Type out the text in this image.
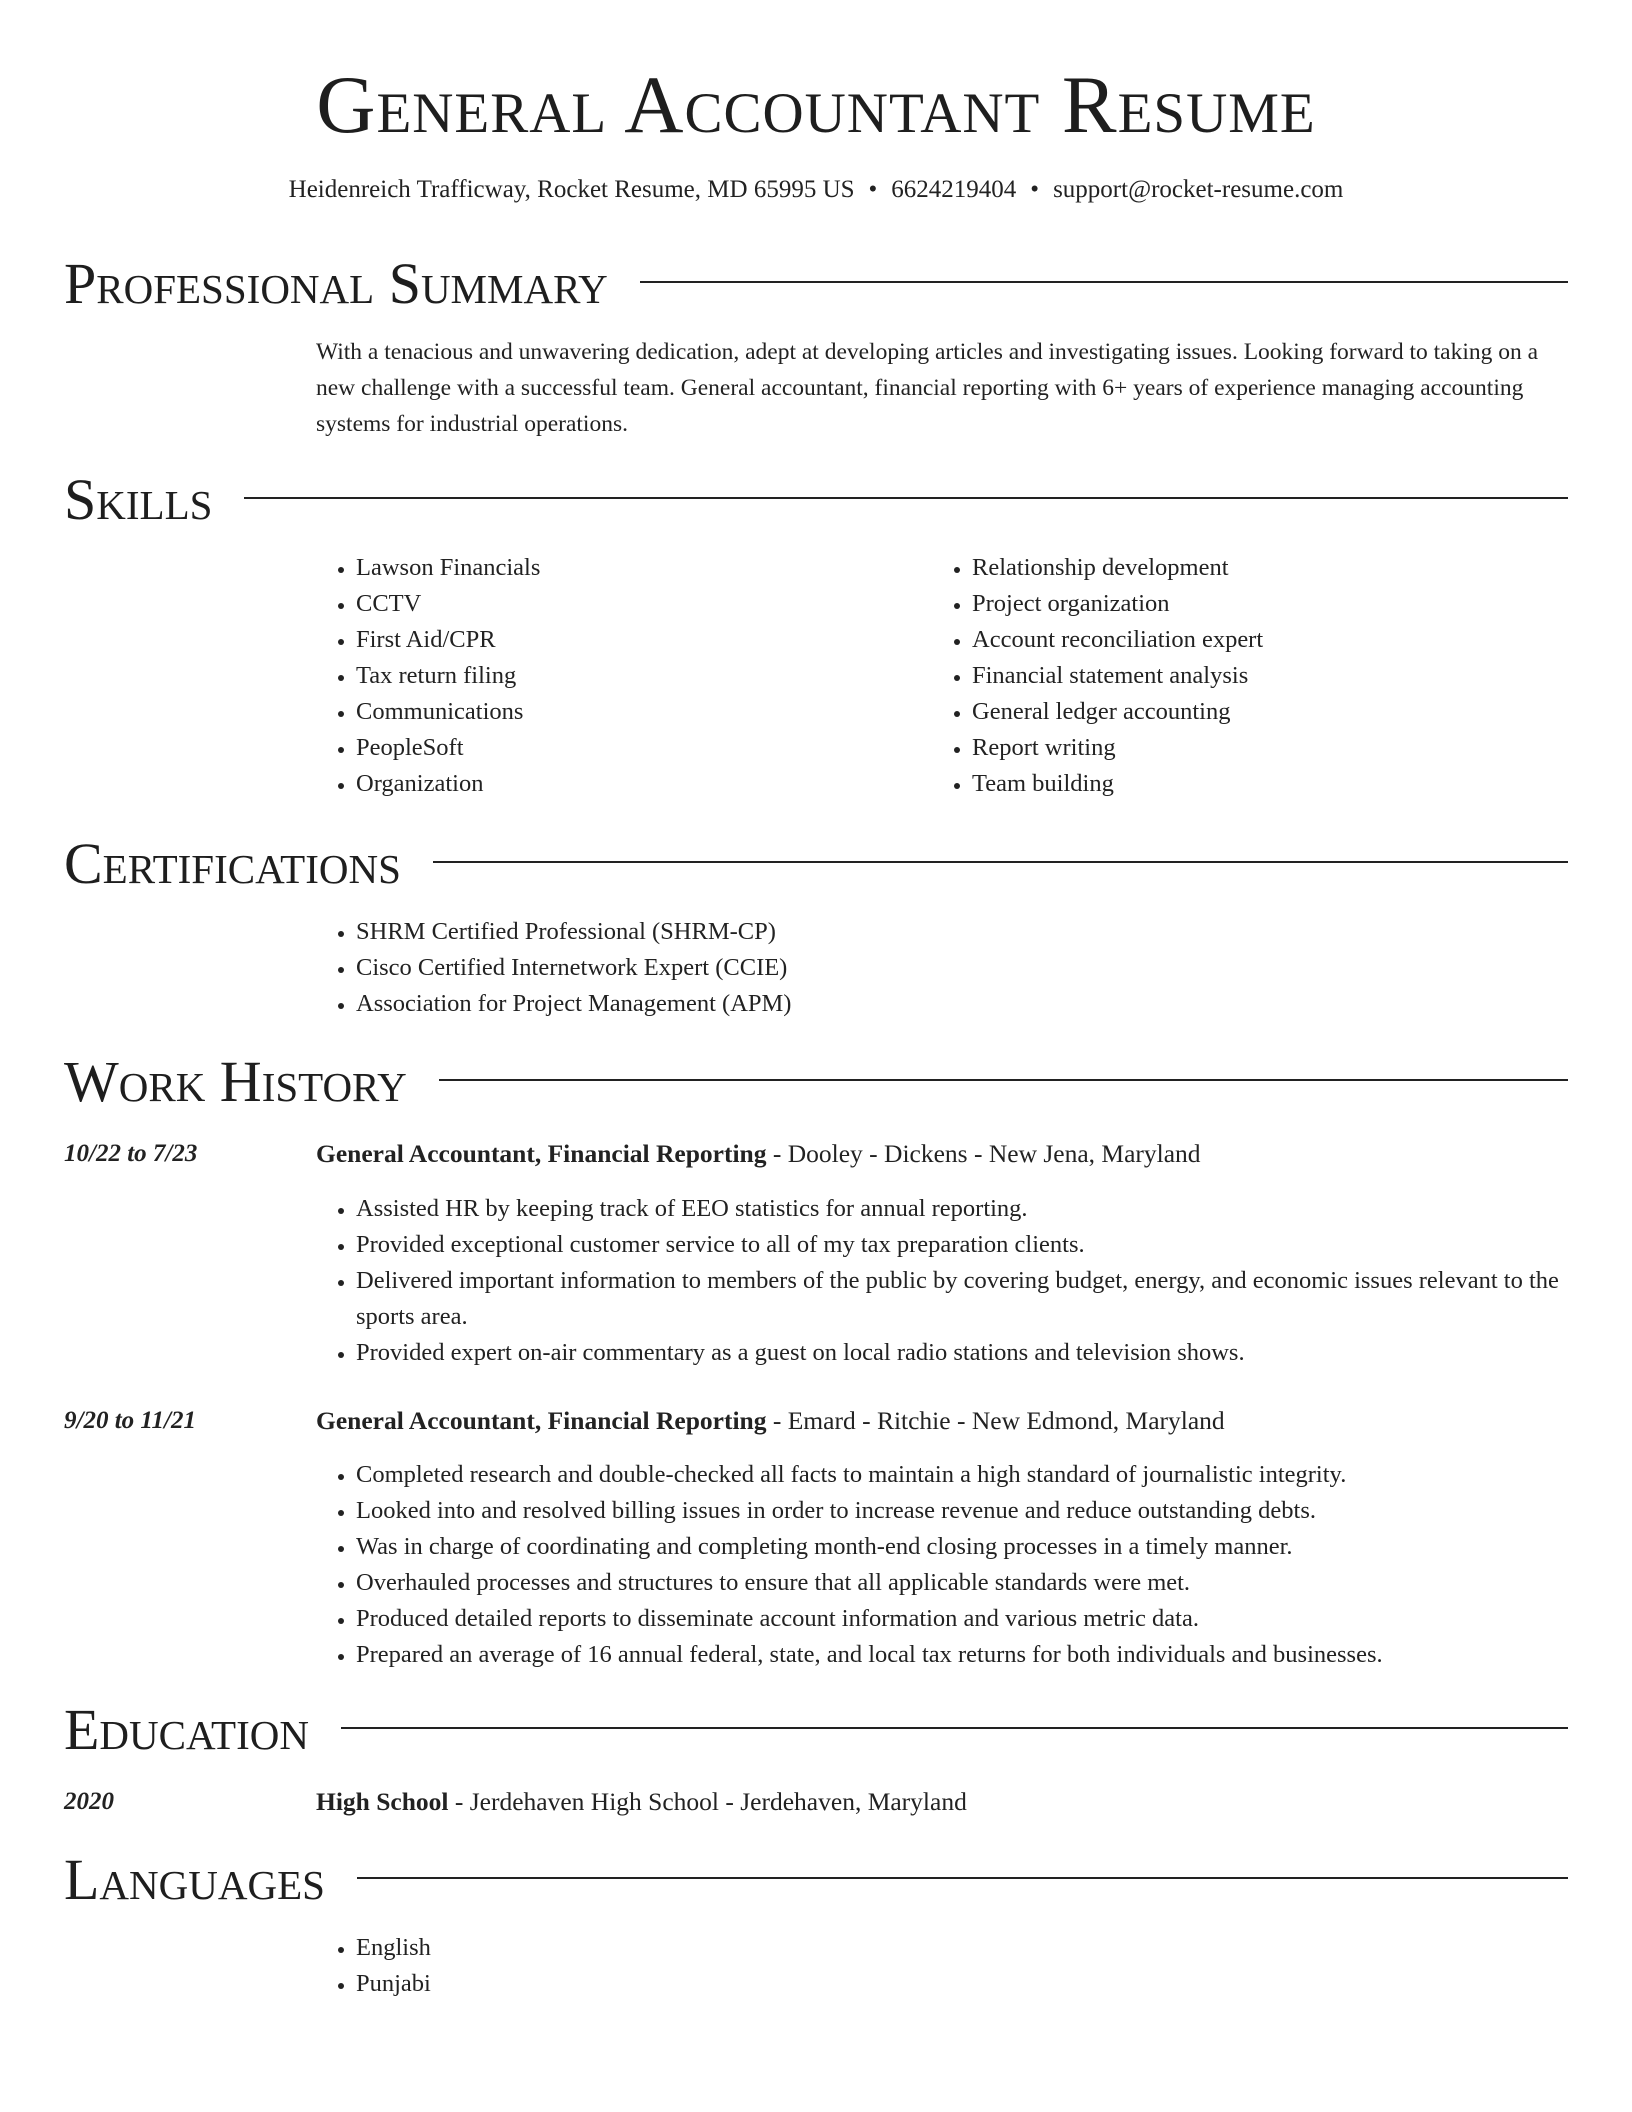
General Accountant Resume
Heidenreich Trafficway, Rocket Resume, MD 65995 US • 6624219404 • support@rocket-resume.com
Professional Summary
With a tenacious and unwavering dedication, adept at developing articles and investigating issues. Looking forward to taking on a new challenge with a successful team. General accountant, financial reporting with 6+ years of experience managing accounting systems for industrial operations.
Skills
• Lawson Financials
• CCTV
• First Aid/CPR
• Tax return filing
• Communications
• PeopleSoft
• Organization
• Relationship development
• Project organization
• Account reconciliation expert
• Financial statement analysis
• General ledger accounting
• Report writing
• Team building
Certifications
• SHRM Certified Professional (SHRM-CP)
• Cisco Certified Internetwork Expert (CCIE)
• Association for Project Management (APM)
Work History
10/22 to 7/23	General Accountant, Financial Reporting - Dooley - Dickens - New Jena, Maryland
• Assisted HR by keeping track of EEO statistics for annual reporting.
• Provided exceptional customer service to all of my tax preparation clients.
• Delivered important information to members of the public by covering budget, energy, and economic issues relevant to the sports area.
• Provided expert on-air commentary as a guest on local radio stations and television shows.
9/20 to 11/21	General Accountant, Financial Reporting - Emard - Ritchie - New Edmond, Maryland
• Completed research and double-checked all facts to maintain a high standard of journalistic integrity.
• Looked into and resolved billing issues in order to increase revenue and reduce outstanding debts.
• Was in charge of coordinating and completing month-end closing processes in a timely manner.
• Overhauled processes and structures to ensure that all applicable standards were met.
• Produced detailed reports to disseminate account information and various metric data.
• Prepared an average of 16 annual federal, state, and local tax returns for both individuals and businesses.
Education
2020	High School - Jerdehaven High School - Jerdehaven, Maryland
Languages
• English
• Punjabi
